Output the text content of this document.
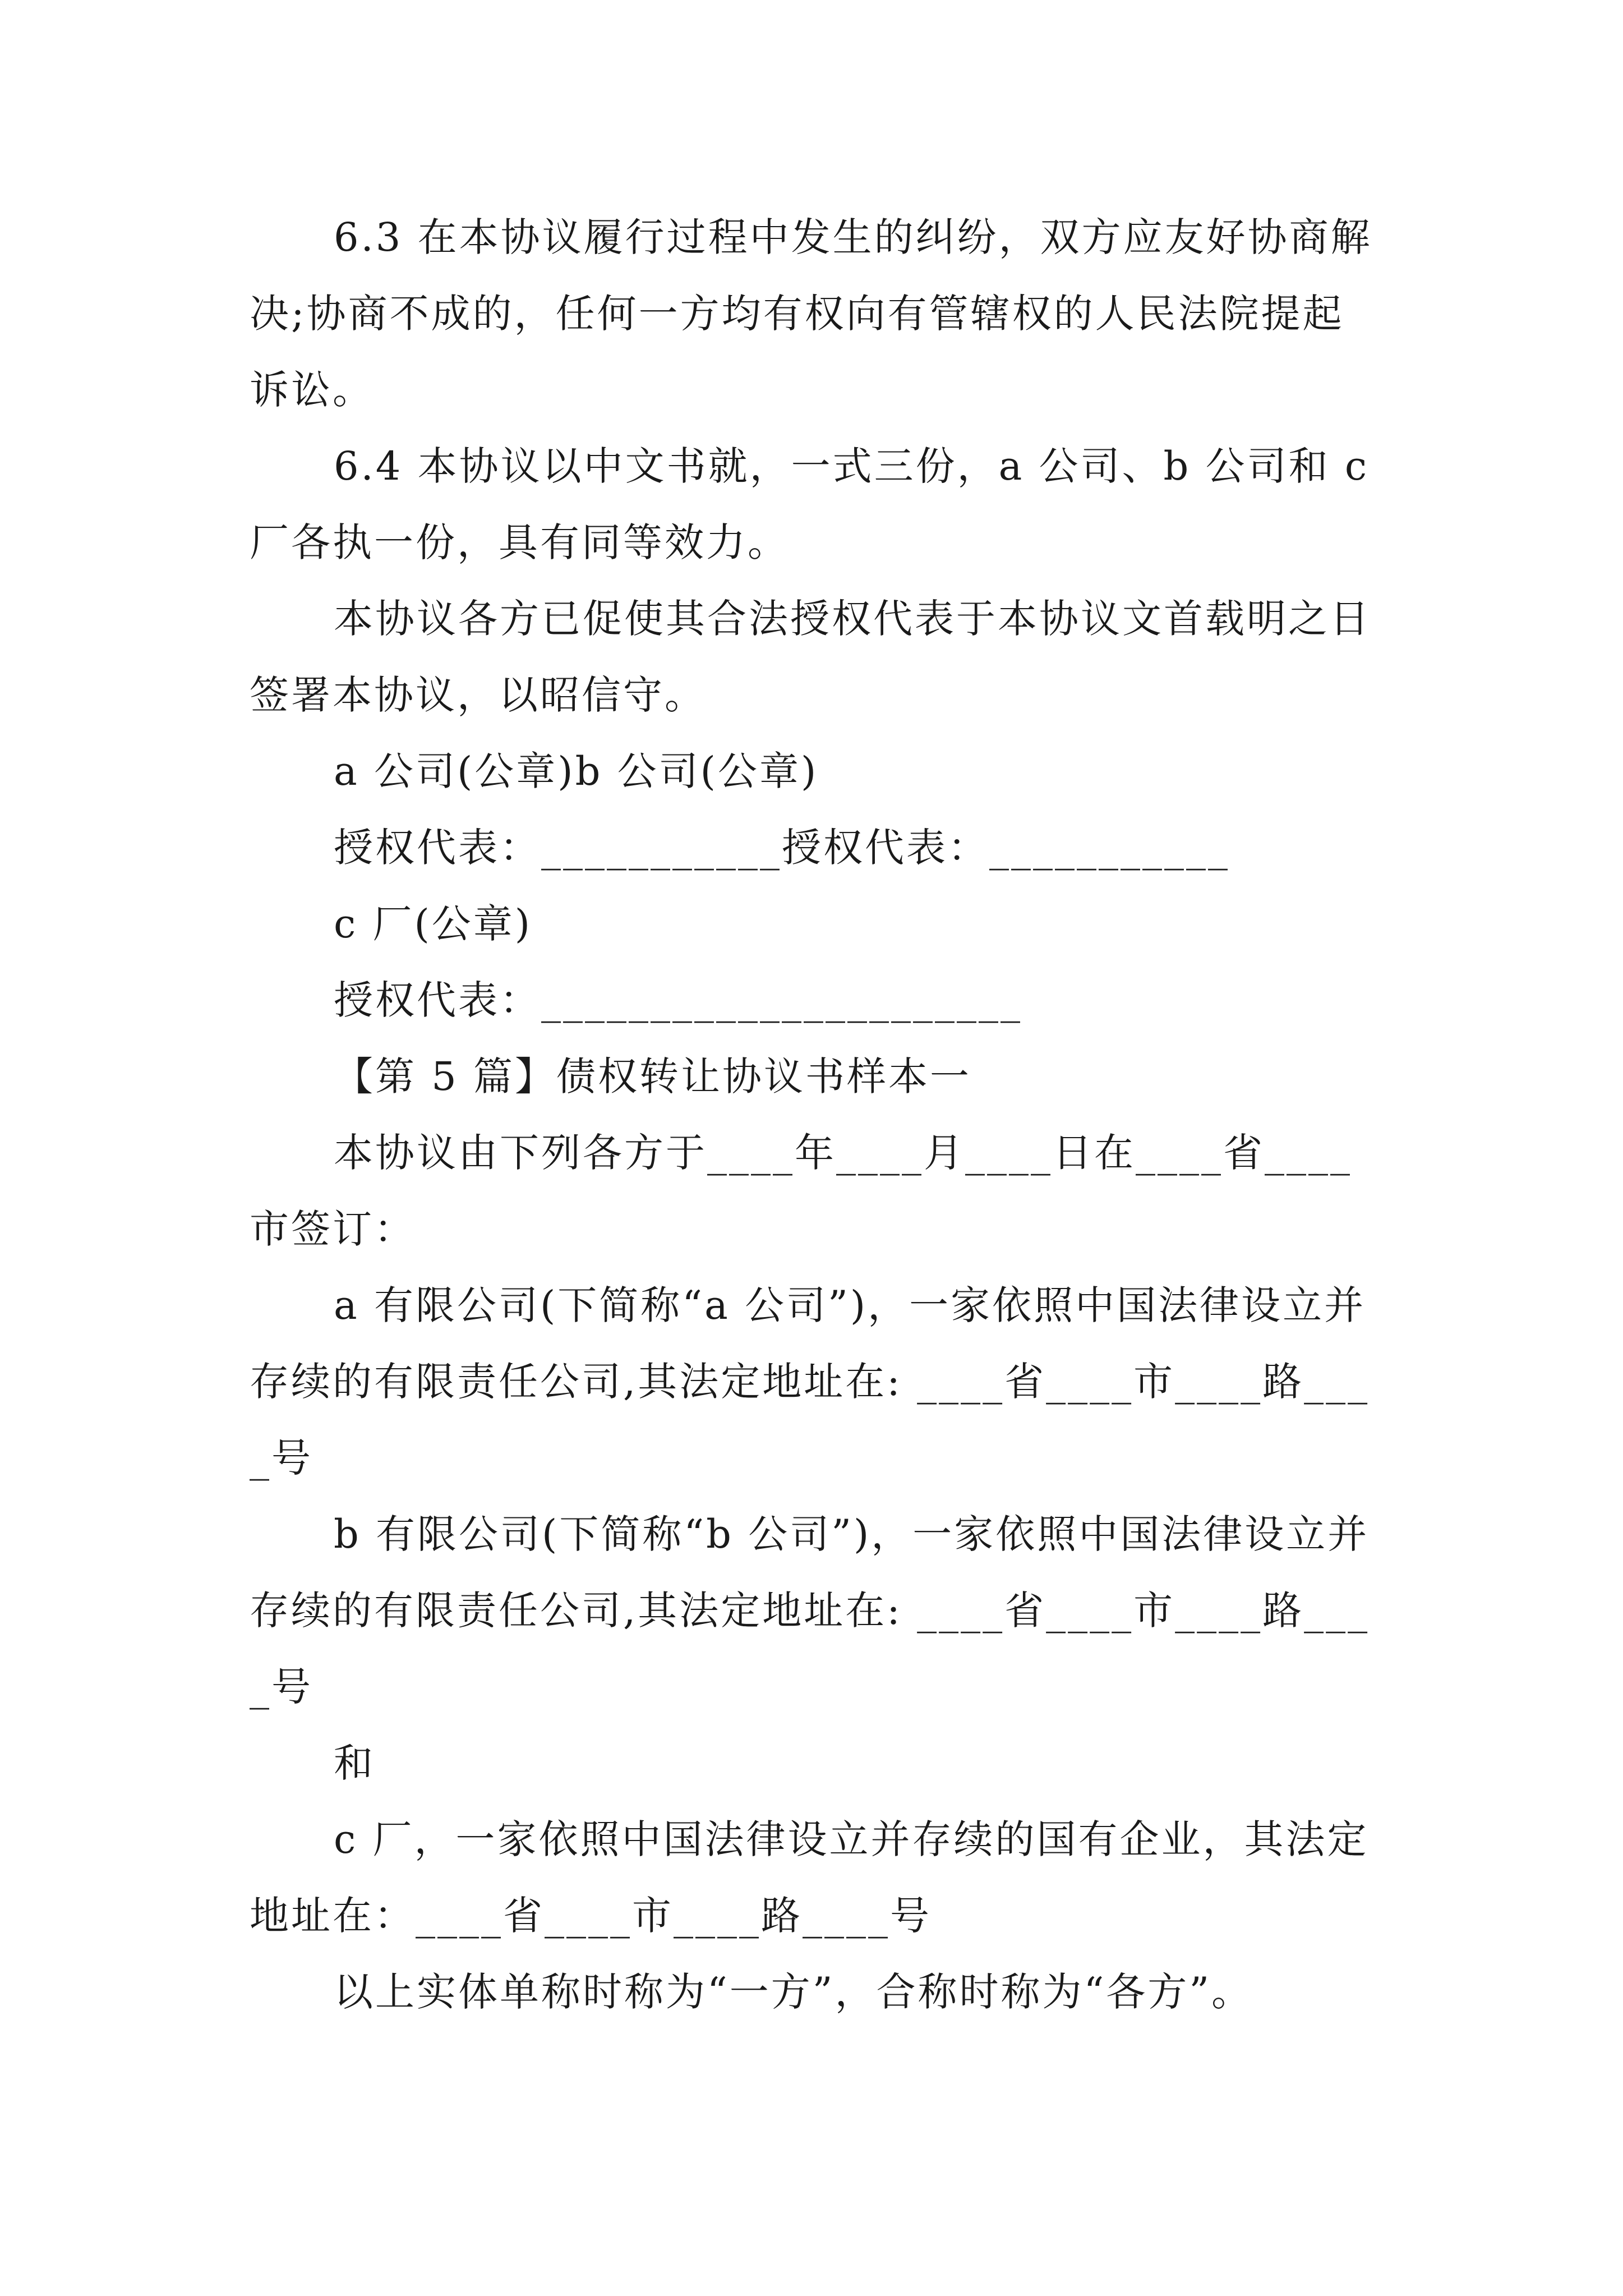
6.3 在本协议履行过程中发生的纠纷，双方应友好协商解决;协商不成的，任何一方均有权向有管辖权的人民法院提起诉讼。

6.4 本协议以中文书就，一式三份，a 公司、b 公司和 c 厂各执一份，具有同等效力。

本协议各方已促使其合法授权代表于本协议文首载明之日签署本协议，以昭信守。

a 公司(公章)b 公司(公章)

授权代表：___________授权代表：___________

c 厂(公章)

授权代表：______________________

【第 5 篇】债权转让协议书样本一

本协议由下列各方于____年____月____日在____省____市签订：

a 有限公司(下简称“a 公司”)，一家依照中国法律设立并存续的有限责任公司,其法定地址在: ____省____市____路____号

b 有限公司(下简称“b 公司”)，一家依照中国法律设立并存续的有限责任公司,其法定地址在: ____省____市____路____号

和

c 厂，一家依照中国法律设立并存续的国有企业，其法定地址在：____省____市____路____号

以上实体单称时称为“一方”，合称时称为“各方”。
